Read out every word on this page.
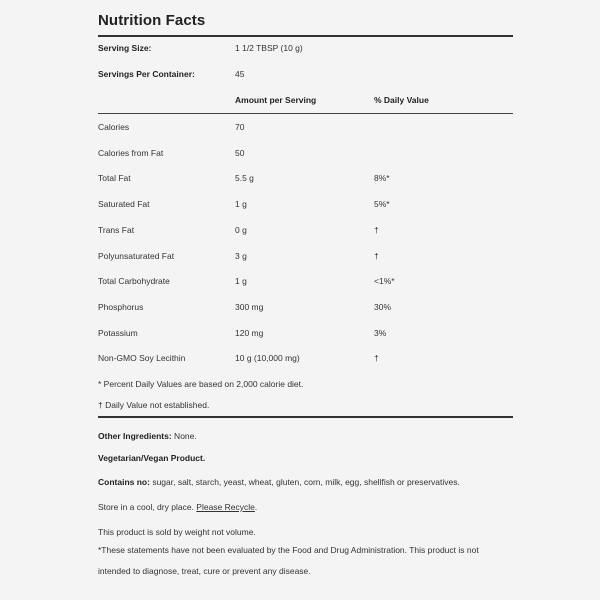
Nutrition Facts
Serving Size:	1 1/2 TBSP (10 g)
Servings Per Container:	45
Amount per Serving	% Daily Value
Calories	70
Calories from Fat	50
Total Fat	5.5 g	8%*
Saturated Fat	1 g	5%*
Trans Fat	0 g	†
Polyunsaturated Fat	3 g	†
Total Carbohydrate	1 g	<1%*
Phosphorus	300 mg	30%
Potassium	120 mg	3%
Non-GMO Soy Lecithin	10 g (10,000 mg)	†
* Percent Daily Values are based on 2,000 calorie diet.
† Daily Value not established.
Other Ingredients: None.
Vegetarian/Vegan Product.
Contains no: sugar, salt, starch, yeast, wheat, gluten, corn, milk, egg, shellfish or preservatives.
Store in a cool, dry place. Please Recycle.
This product is sold by weight not volume.
*These statements have not been evaluated by the Food and Drug Administration. This product is not
intended to diagnose, treat, cure or prevent any disease.
